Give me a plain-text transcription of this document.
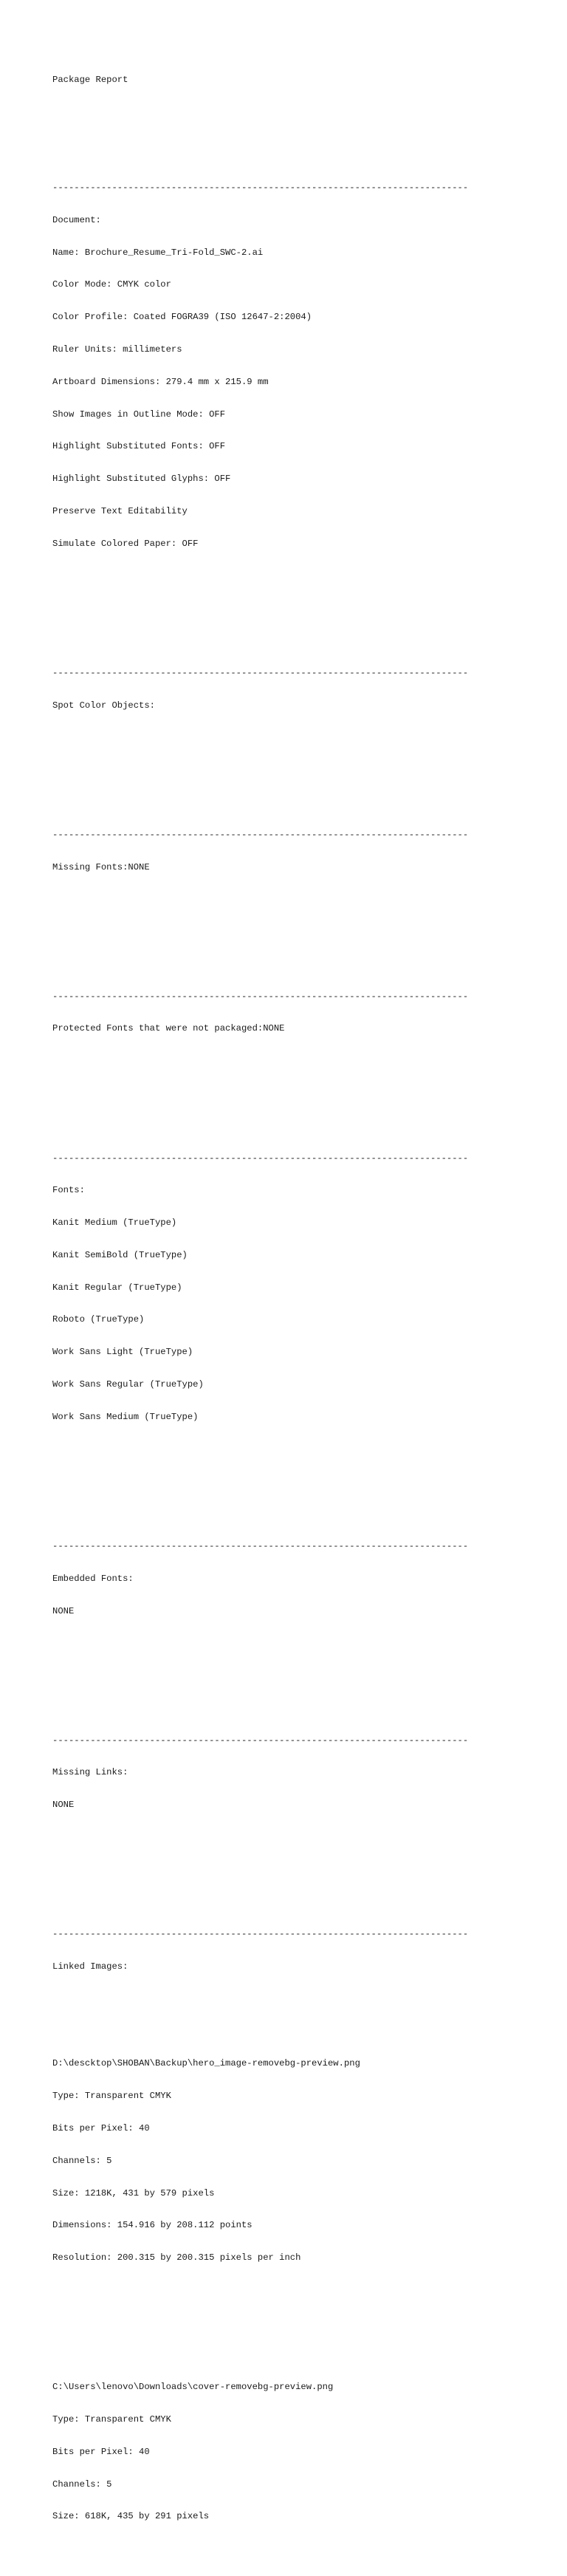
Package Report

-----------------------------------------------------------------------------

Document:

Name: Brochure_Resume_Tri-Fold_SWC-2.ai

Color Mode: CMYK color

Color Profile: Coated FOGRA39 (ISO 12647-2:2004)

Ruler Units: millimeters

Artboard Dimensions: 279.4 mm x 215.9 mm

Show Images in Outline Mode: OFF

Highlight Substituted Fonts: OFF

Highlight Substituted Glyphs: OFF

Preserve Text Editability

Simulate Colored Paper: OFF

-----------------------------------------------------------------------------

Spot Color Objects:

-----------------------------------------------------------------------------

Missing Fonts:NONE

-----------------------------------------------------------------------------

Protected Fonts that were not packaged:NONE

-----------------------------------------------------------------------------

Fonts:

Kanit Medium (TrueType)

Kanit SemiBold (TrueType)

Kanit Regular (TrueType)

Roboto (TrueType)

Work Sans Light (TrueType)

Work Sans Regular (TrueType)

Work Sans Medium (TrueType)

-----------------------------------------------------------------------------

Embedded Fonts:

NONE

-----------------------------------------------------------------------------

Missing Links:

NONE

-----------------------------------------------------------------------------

Linked Images:

D:\descktop\SHOBAN\Backup\hero_image-removebg-preview.png

Type: Transparent CMYK

Bits per Pixel: 40

Channels: 5

Size: 1218K, 431 by 579 pixels

Dimensions: 154.916 by 208.112 points

Resolution: 200.315 by 200.315 pixels per inch

C:\Users\lenovo\Downloads\cover-removebg-preview.png

Type: Transparent CMYK

Bits per Pixel: 40

Channels: 5

Size: 618K, 435 by 291 pixels
